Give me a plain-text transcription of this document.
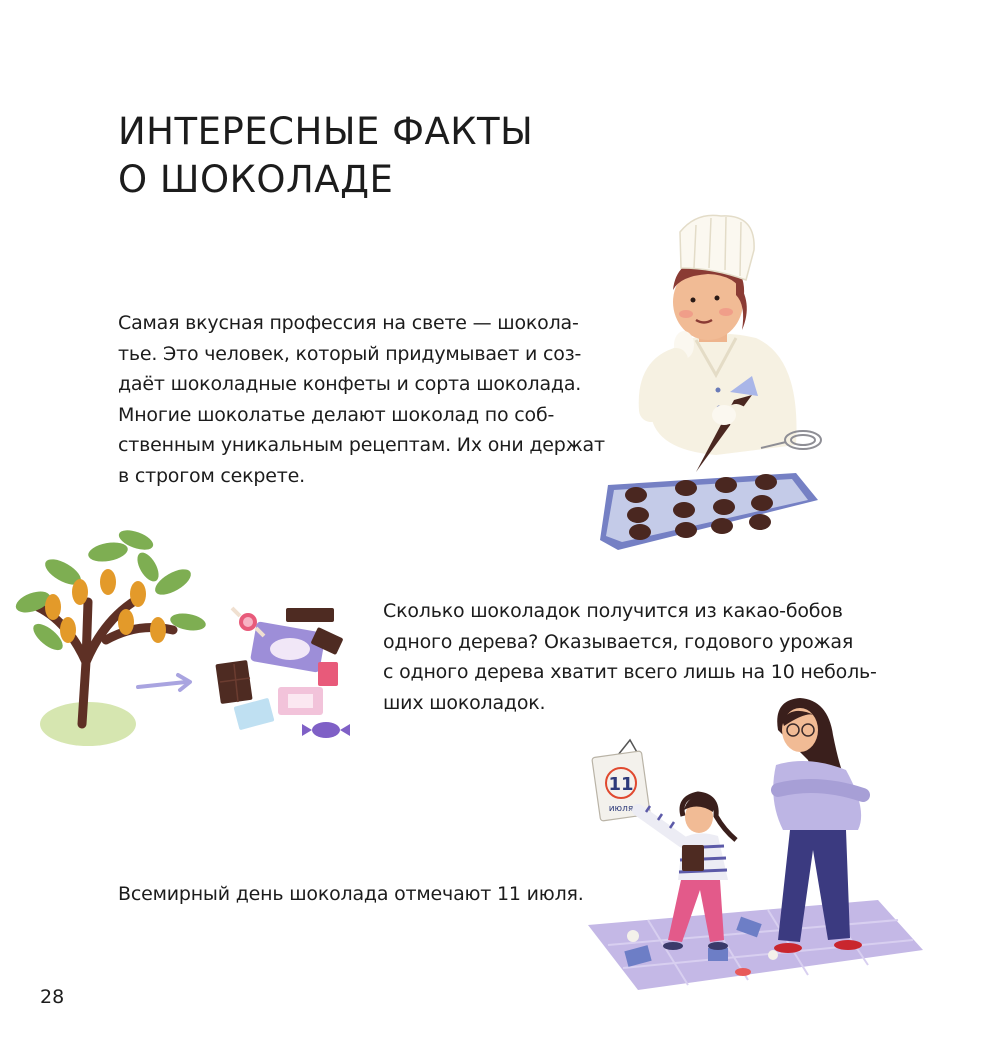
ИНТЕРЕСНЫЕ ФАКТЫ
О ШОКОЛАДЕ

Самая вкусная профессия на свете — шокола-
тье. Это человек, который придумывает и соз-
даёт шоколадные конфеты и сорта шоколада.
Многие шоколатье делают шоколад по соб-
ственным уникальным рецептам. Их они держат
в строгом секрете.

Сколько шоколадок получится из какао-бобов
одного дерева? Оказывается, годового урожая
с одного дерева хватит всего лишь на 10 неболь-
ших шоколадок.

Всемирный день шоколада отмечают 11 июля.

28
11
июля
